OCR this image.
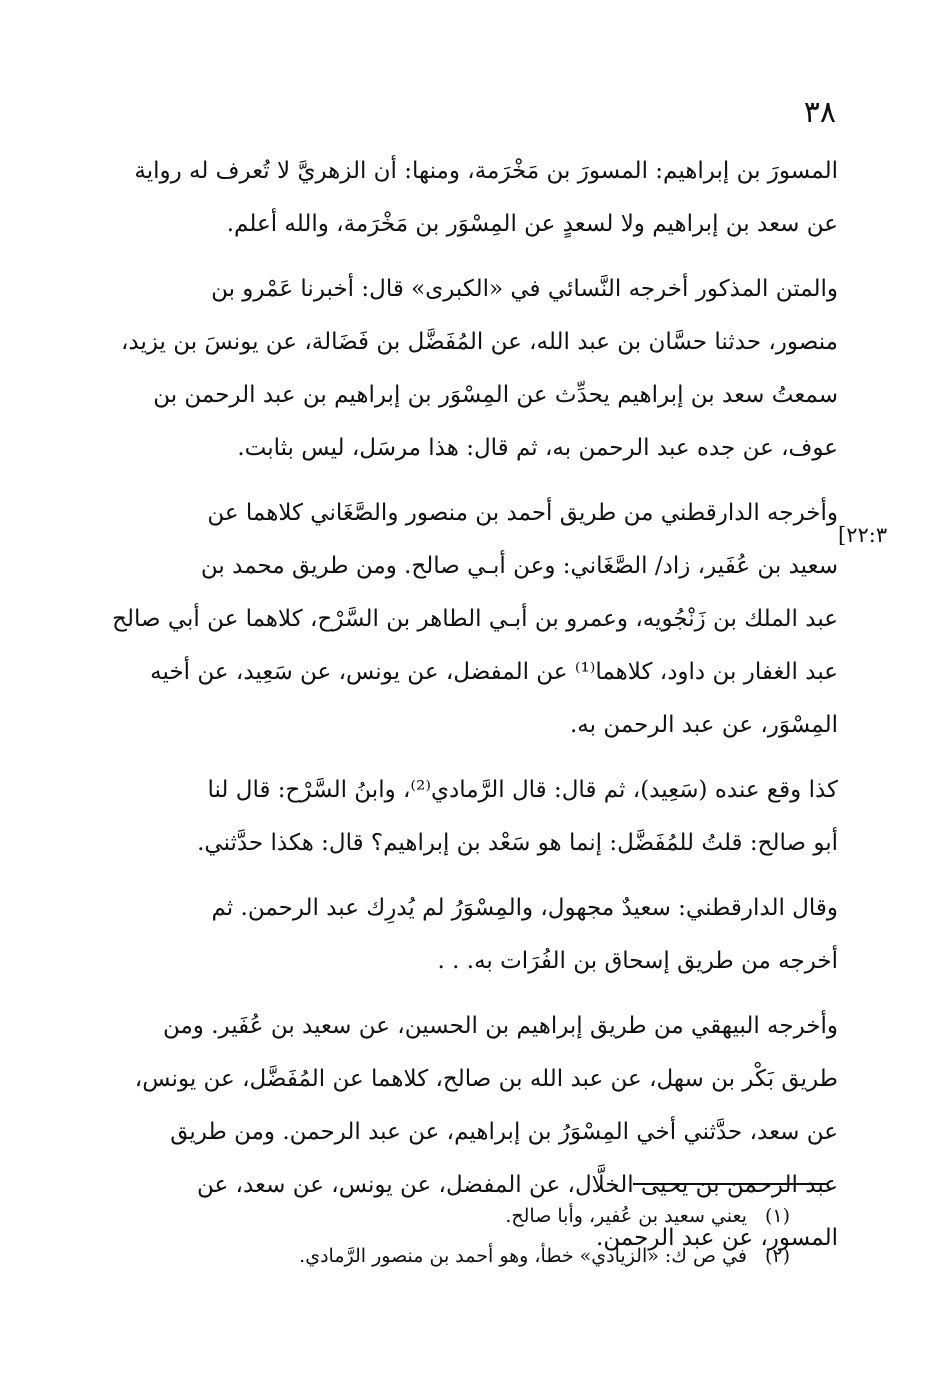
٣٨
[٢٢:٣
المسورَ بن إبراهيم: المسورَ بن مَخْرَمة، ومنها: أن الزهريَّ لا تُعرف له رواية
عن سعد بن إبراهيم ولا لسعدٍ عن المِسْوَر بن مَخْرَمة، والله أعلم.
والمتن المذكور أخرجه النَّسائي في «الكبرى» قال: أخبرنا عَمْرو بن
منصور، حدثنا حسَّان بن عبد الله، عن المُفَضَّل بن فَضَالة، عن يونسَ بن يزيد،
سمعتُ سعد بن إبراهيم يحدِّث عن المِسْوَر بن إبراهيم بن عبد الرحمن بن
عوف، عن جده عبد الرحمن به، ثم قال: هذا مرسَل، ليس بثابت.
وأخرجه الدارقطني من طريق أحمد بن منصور والصَّغَاني كلاهما عن
سعيد بن عُفَير، زاد/ الصَّغَاني: وعن أبـي صالح. ومن طريق محمد بن
عبد الملك بن زَنْجُويه، وعمرو بن أبـي الطاهر بن السَّرْح، كلاهما عن أبي صالح
عبد الغفار بن داود، كلاهما⁽¹⁾ عن المفضل، عن يونس، عن سَعِيد، عن أخيه
المِسْوَر، عن عبد الرحمن به.
كذا وقع عنده (سَعِيد)، ثم قال: قال الرَّمادي⁽²⁾، وابنُ السَّرْح: قال لنا
أبو صالح: قلتُ للمُفَضَّل: إنما هو سَعْد بن إبراهيم؟ قال: هكذا حدَّثني.
وقال الدارقطني: سعيدٌ مجهول، والمِسْوَرُ لم يُدرِك عبد الرحمن. ثم
أخرجه من طريق إسحاق بن الفُرَات به. . .
وأخرجه البيهقي من طريق إبراهيم بن الحسين، عن سعيد بن عُفَير. ومن
طريق بَكْر بن سهل، عن عبد الله بن صالح، كلاهما عن المُفَضَّل، عن يونس،
عن سعد، حدَّثني أخي المِسْوَرُ بن إبراهيم، عن عبد الرحمن. ومن طريق
عبد الرحمن بن يحيى الخلَّال، عن المفضل، عن يونس، عن سعد، عن
المسور، عن عبد الرحمن.
(١)يعني سعيد بن عُفير، وأبا صالح.
(٢)في ص ك: «الزيادي» خطأ، وهو أحمد بن منصور الرَّمادي.
